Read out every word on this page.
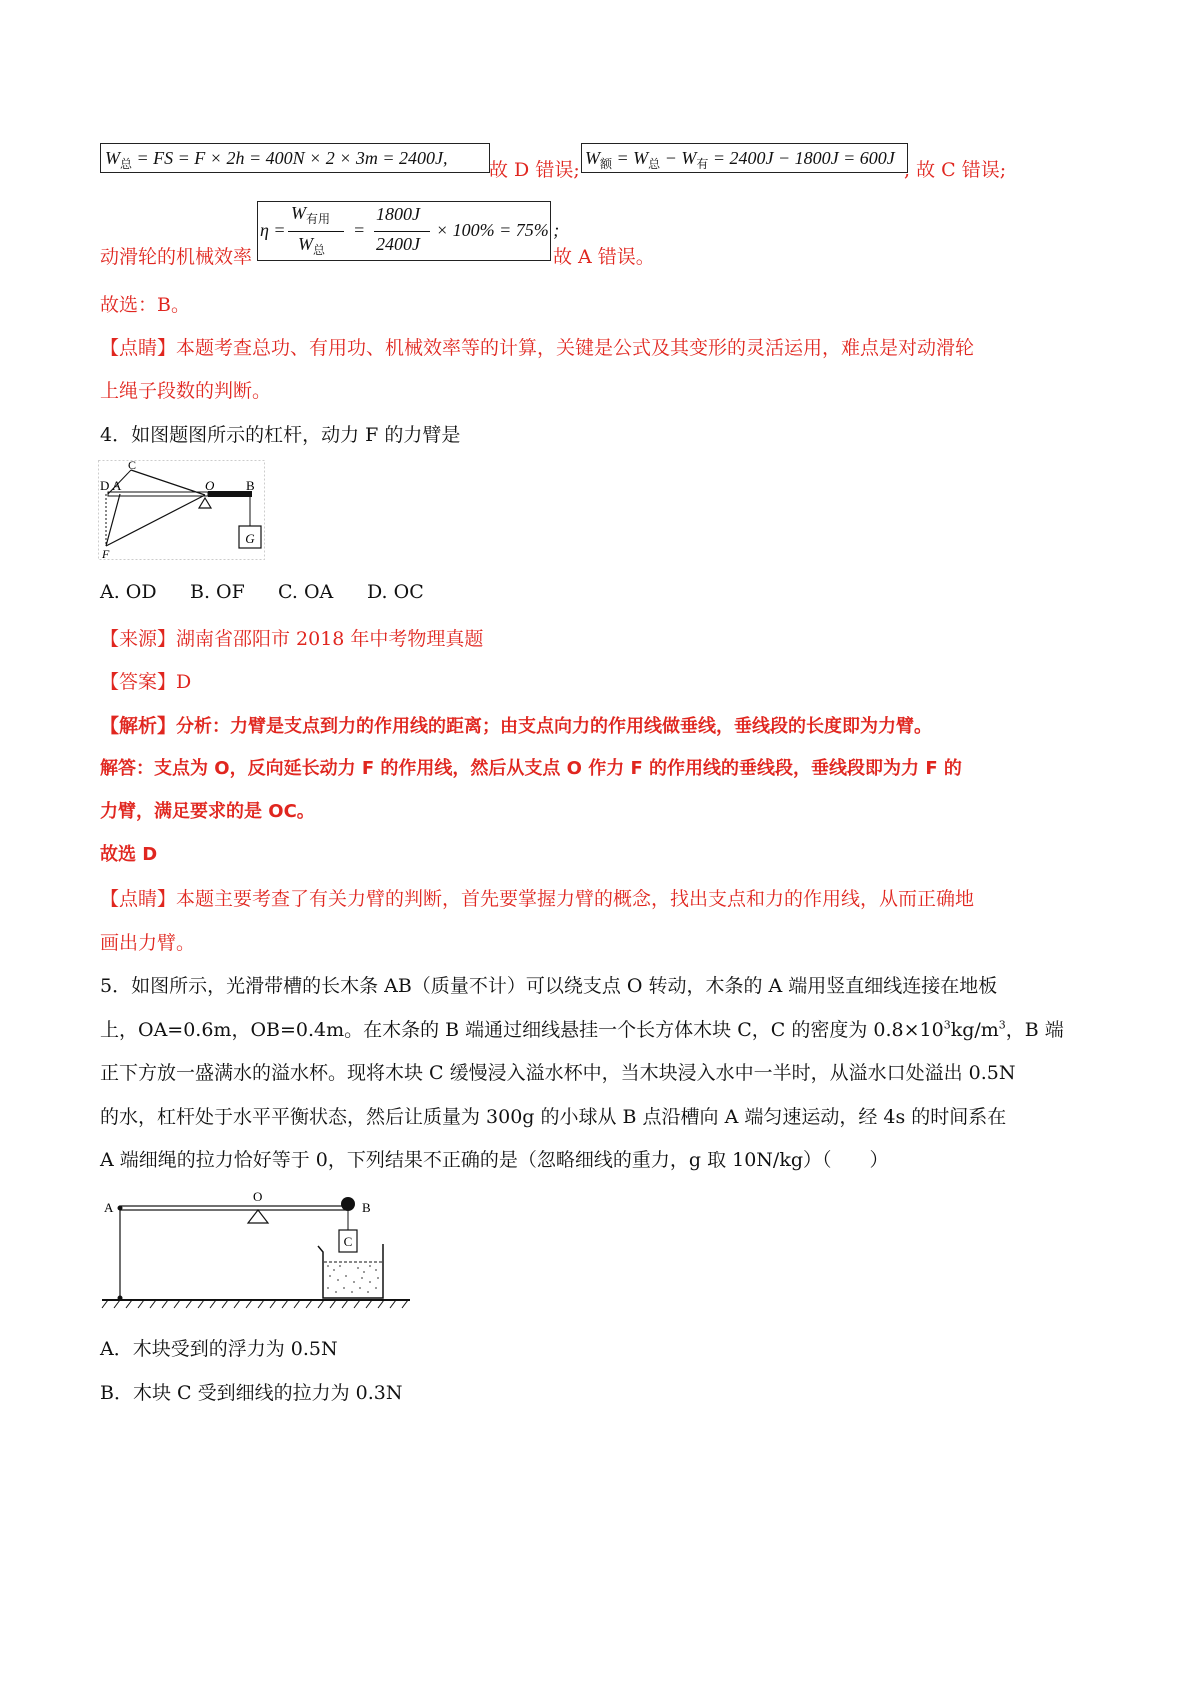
$W_总$ = FS = F × 2h = 400N × 2 × 3m = 2400J,
故 D 错误;
$W_额 = W_总 - W_有 = 2400J - 1800J = 600J$
, 故 C 错误;
动滑轮的机械效率
η =
$W_{有用}$
$W_总$
=
1800J
2400J
× 100% = 75% ;
故 A 错误。
故选：B。
【点睛】本题考查总功、有用功、机械效率等的计算，关键是公式及其变形的灵活运用，难点是对动滑轮
上绳子段数的判断。
4．如图题图所示的杠杆，动力 F 的力臂是
G
C
D A	O B
F
A. OD B. OF C. OA D. OC
【来源】湖南省邵阳市 2018 年中考物理真题
【答案】D
【解析】分析：力臂是支点到力的作用线的距离；由支点向力的作用线做垂线，垂线段的长度即为力臂。
解答：支点为 O，反向延长动力 F 的作用线，然后从支点 O 作力 F 的作用线的垂线段，垂线段即为力 F 的
力臂，满足要求的是 OC。
故选 D
【点睛】本题主要考查了有关力臂的判断，首先要掌握力臂的概念，找出支点和力的作用线，从而正确地
画出力臂。
5．如图所示，光滑带槽的长木条 AB（质量不计）可以绕支点 O 转动，木条的 A 端用竖直细线连接在地板
上，OA=0.6m，OB=0.4m。在木条的 B 端通过细线悬挂一个长方体木块 C，C 的密度为 $0.8\times 10^3kg/m^3$，B 端
正下方放一盛满水的溢水杯。现将木块 C 缓慢浸入溢水杯中，当木块浸入水中一半时，从溢水口处溢出 0.5N
的水，杠杆处于水平平衡状态，然后让质量为 300g 的小球从 B 点沿槽向 A 端匀速运动，经 4s 的时间系在
A 端细绳的拉力恰好等于 0，下列结果不正确的是（忽略细线的重力，g 取 10N/kg）（　　）
C
A
O
B
A．木块受到的浮力为 0.5N
B．木块 C 受到细线的拉力为 0.3N
